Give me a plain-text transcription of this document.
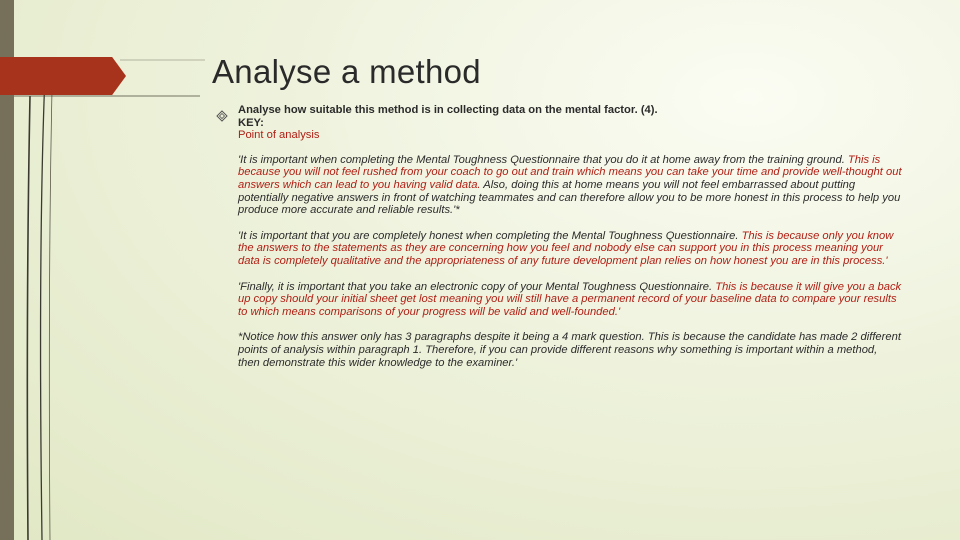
Analyse a method
Analyse how suitable this method is in collecting data on the mental factor. (4).
KEY:
Point of analysis
'It is important when completing the Mental Toughness Questionnaire that you do it at home away from the training ground. This is because you will not feel rushed from your coach to go out and train which means you can take your time and provide well-thought out answers which can lead to you having valid data. Also, doing this at home means you will not feel embarrassed about putting potentially negative answers in front of watching teammates and can therefore allow you to be more honest in this process to help you produce more accurate and reliable results.'*
'It is important that you are completely honest when completing the Mental Toughness Questionnaire. This is because only you know the answers to the statements as they are concerning how you feel and nobody else can support you in this process meaning your data is completely qualitative and the appropriateness of any future development plan relies on how honest you are in this process.'
'Finally, it is important that you take an electronic copy of your Mental Toughness Questionnaire. This is because it will give you a back up copy should your initial sheet get lost meaning you will still have a permanent record of your baseline data to compare your results to which means comparisons of your progress will be valid and well-founded.'
*Notice how this answer only has 3 paragraphs despite it being a 4 mark question. This is because the candidate has made 2 different points of analysis within paragraph 1. Therefore, if you can provide different reasons why something is important within a method, then demonstrate this wider knowledge to the examiner.'
